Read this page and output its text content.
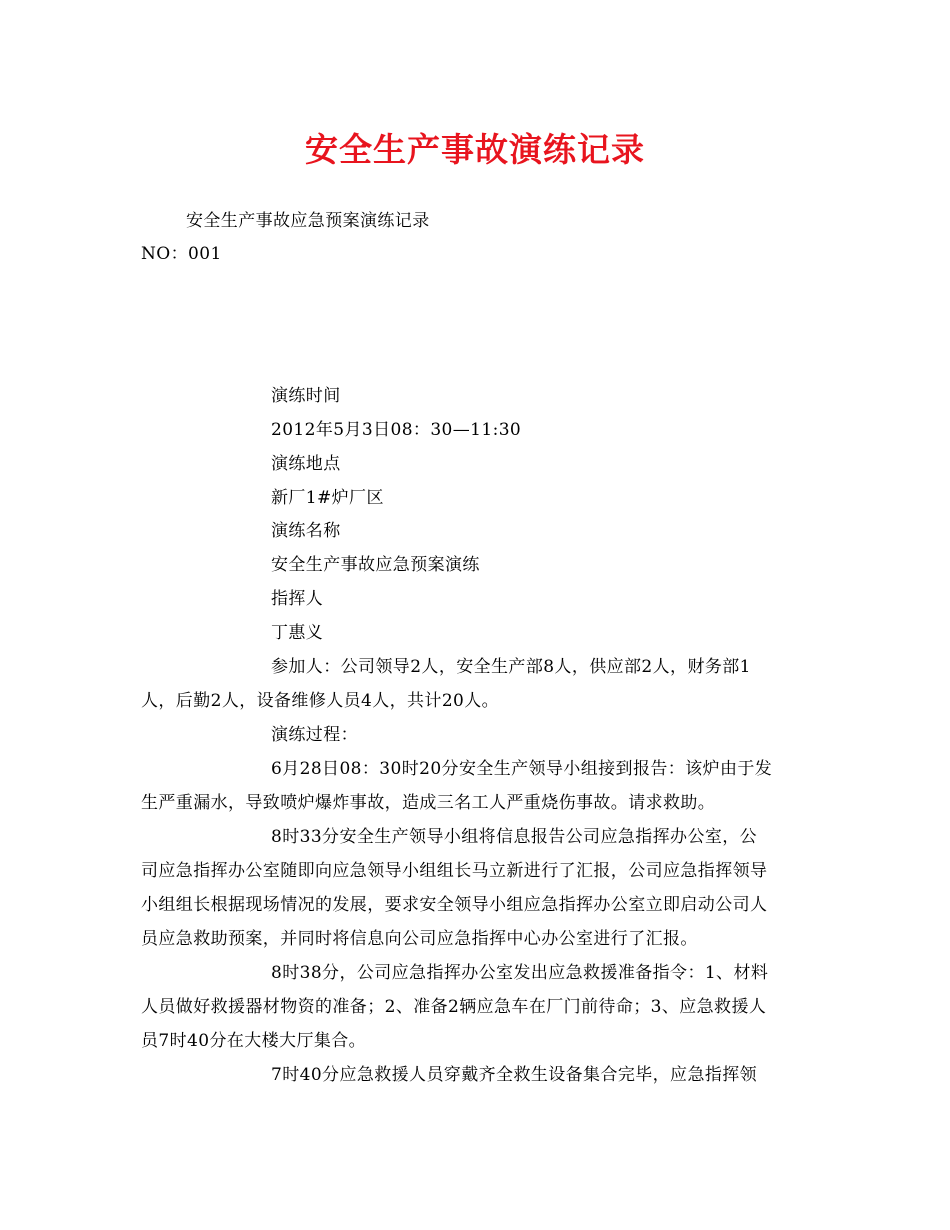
安全生产事故演练记录
安全生产事故应急预案演练记录
NO：001
演练时间
2012年5月3日08：30—11:30
演练地点
新厂1#炉厂区
演练名称
安全生产事故应急预案演练
指挥人
丁惠义
参加人：公司领导2人，安全生产部8人，供应部2人，财务部1
人，后勤2人，设备维修人员4人，共计20人。
演练过程：
6月28日08：30时20分安全生产领导小组接到报告：该炉由于发
生严重漏水，导致喷炉爆炸事故，造成三名工人严重烧伤事故。请求救助。
8时33分安全生产领导小组将信息报告公司应急指挥办公室，公
司应急指挥办公室随即向应急领导小组组长马立新进行了汇报，公司应急指挥领导
小组组长根据现场情况的发展，要求安全领导小组应急指挥办公室立即启动公司人
员应急救助预案，并同时将信息向公司应急指挥中心办公室进行了汇报。
8时38分，公司应急指挥办公室发出应急救援准备指令：1、材料
人员做好救援器材物资的准备；2、准备2辆应急车在厂门前待命；3、应急救援人
员7时40分在大楼大厅集合。
7时40分应急救援人员穿戴齐全救生设备集合完毕，应急指挥领
